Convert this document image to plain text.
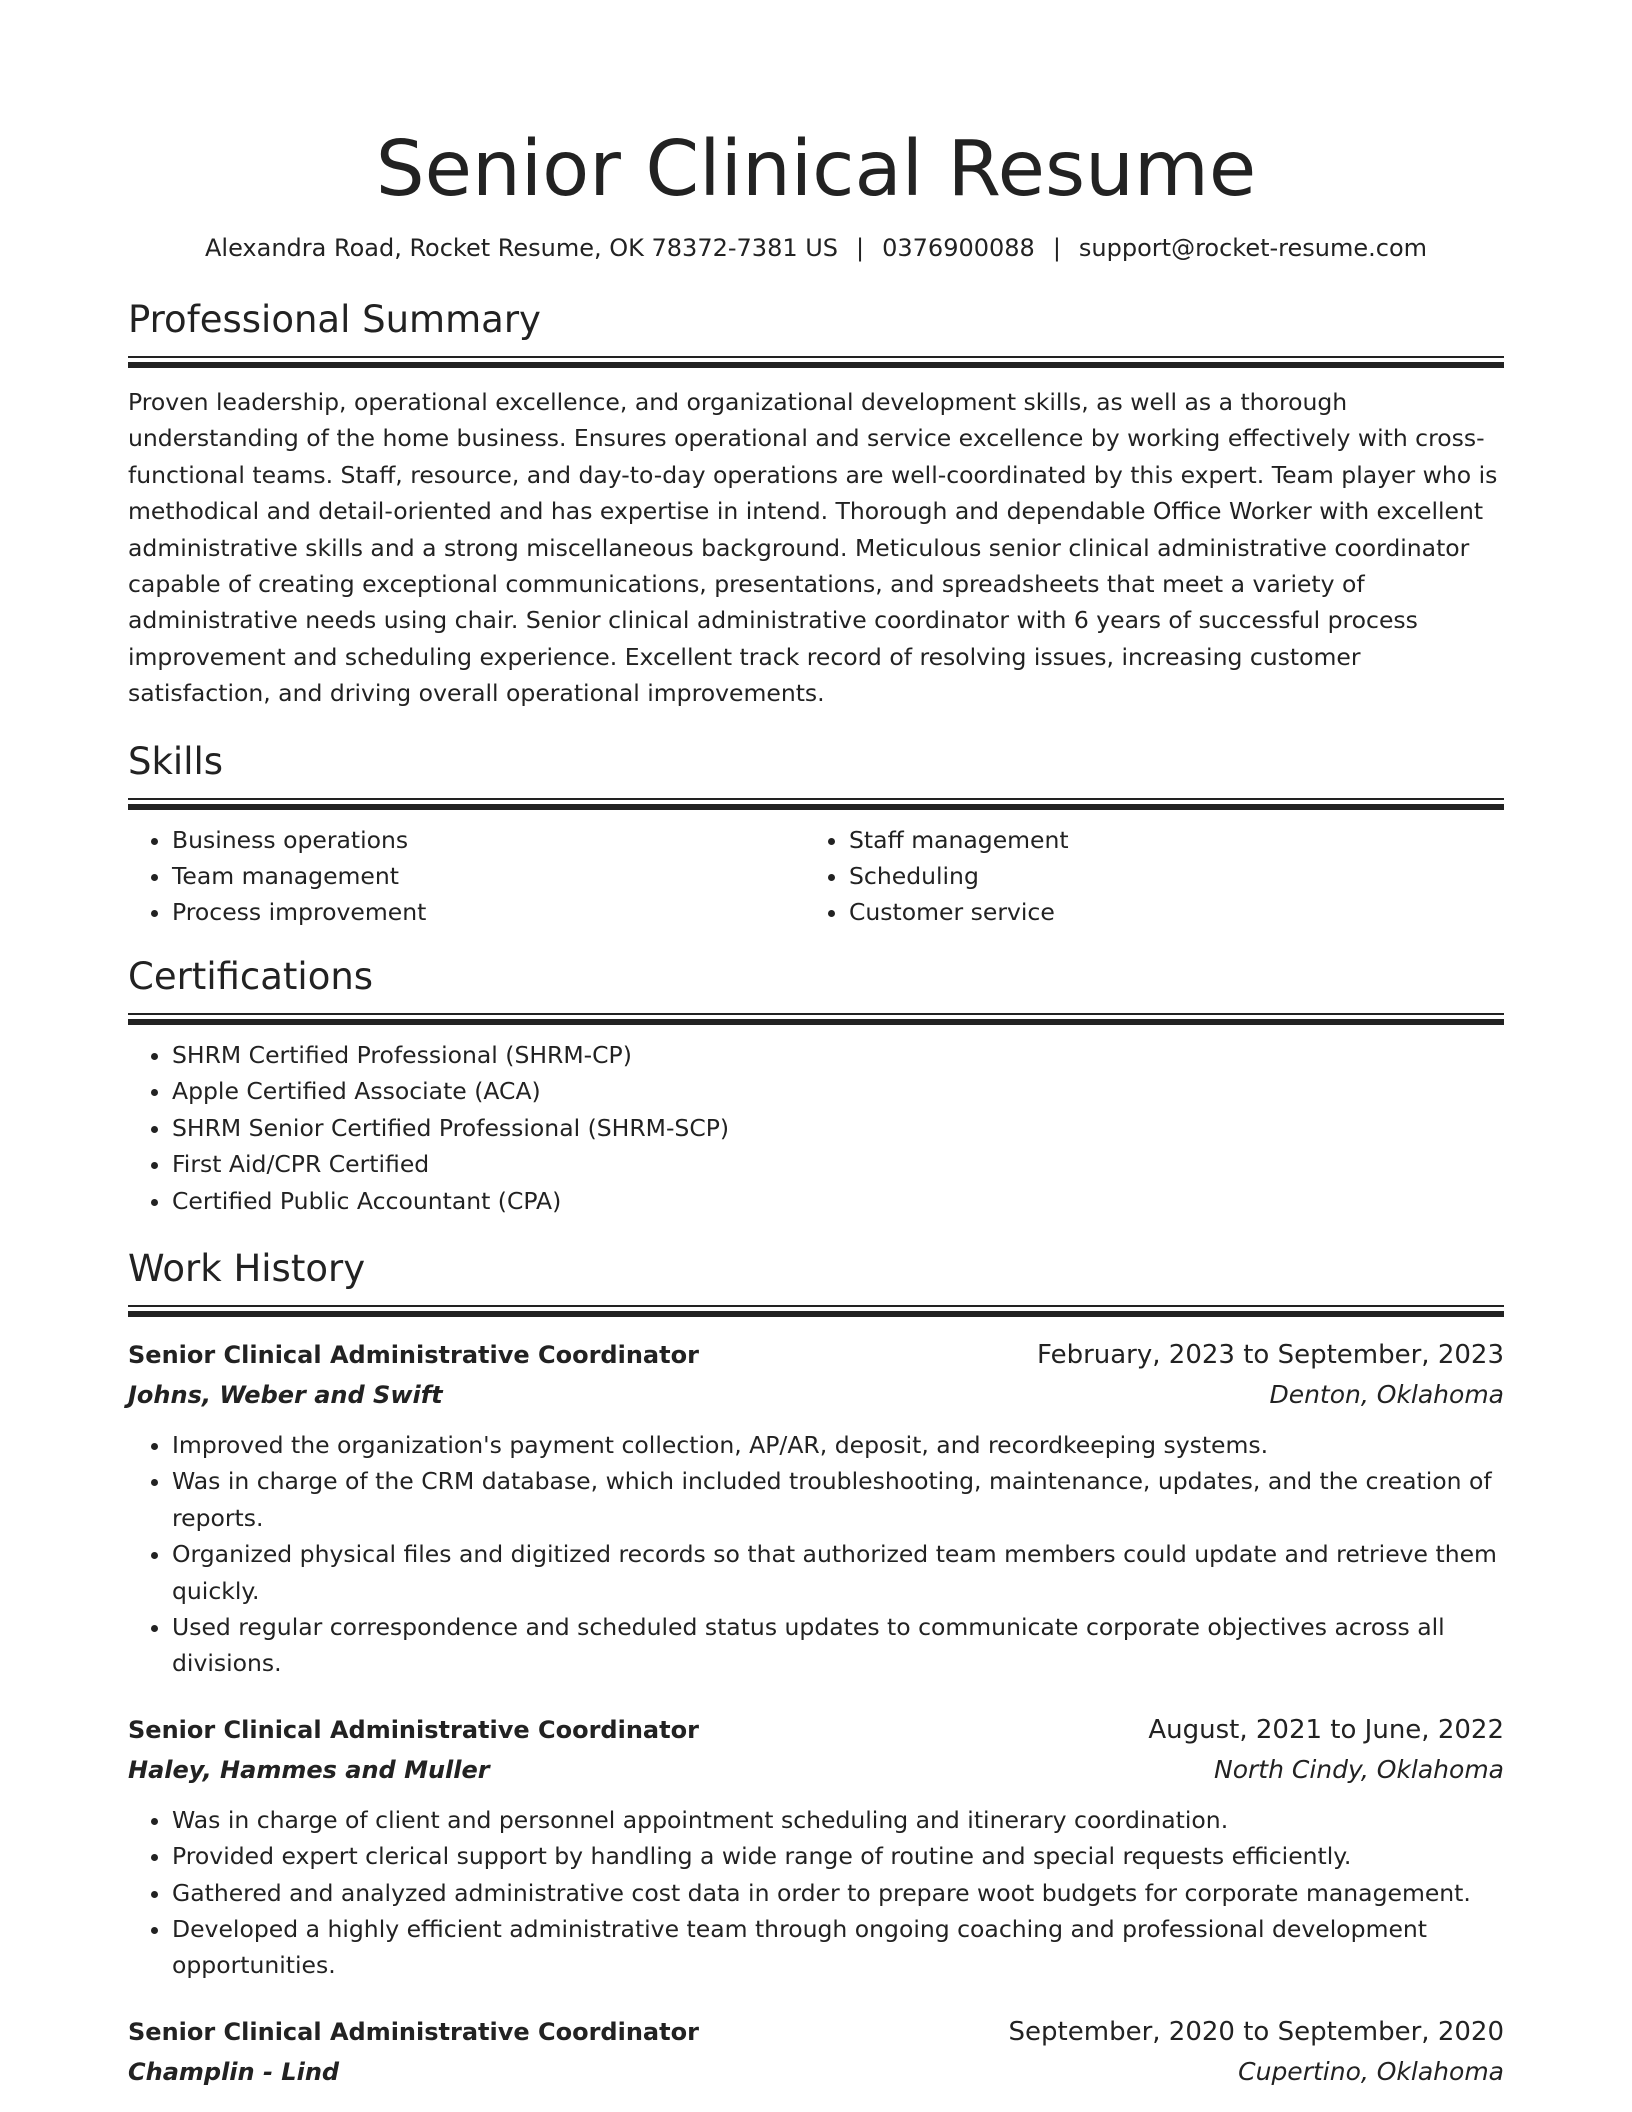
Senior Clinical Resume
Alexandra Road, Rocket Resume, OK 78372-7381 US | 0376900088 | support@rocket-resume.com
Professional Summary
Proven leadership, operational excellence, and organizational development skills, as well as a thorough understanding of the home business. Ensures operational and service excellence by working effectively with cross-functional teams. Staff, resource, and day-to-day operations are well-coordinated by this expert. Team player who is methodical and detail-oriented and has expertise in intend. Thorough and dependable Office Worker with excellent administrative skills and a strong miscellaneous background. Meticulous senior clinical administrative coordinator capable of creating exceptional communications, presentations, and spreadsheets that meet a variety of administrative needs using chair. Senior clinical administrative coordinator with 6 years of successful process improvement and scheduling experience. Excellent track record of resolving issues, increasing customer satisfaction, and driving overall operational improvements.
Skills
• Business operations
• Team management
• Process improvement
• Staff management
• Scheduling
• Customer service
Certifications
• SHRM Certified Professional (SHRM-CP)
• Apple Certified Associate (ACA)
• SHRM Senior Certified Professional (SHRM-SCP)
• First Aid/CPR Certified
• Certified Public Accountant (CPA)
Work History
Senior Clinical Administrative Coordinator	February, 2023 to September, 2023
Johns, Weber and Swift	Denton, Oklahoma
• Improved the organization's payment collection, AP/AR, deposit, and recordkeeping systems.
• Was in charge of the CRM database, which included troubleshooting, maintenance, updates, and the creation of reports.
• Organized physical files and digitized records so that authorized team members could update and retrieve them quickly.
• Used regular correspondence and scheduled status updates to communicate corporate objectives across all divisions.
Senior Clinical Administrative Coordinator	August, 2021 to June, 2022
Haley, Hammes and Muller	North Cindy, Oklahoma
• Was in charge of client and personnel appointment scheduling and itinerary coordination.
• Provided expert clerical support by handling a wide range of routine and special requests efficiently.
• Gathered and analyzed administrative cost data in order to prepare woot budgets for corporate management.
• Developed a highly efficient administrative team through ongoing coaching and professional development opportunities.
Senior Clinical Administrative Coordinator	September, 2020 to September, 2020
Champlin - Lind	Cupertino, Oklahoma
